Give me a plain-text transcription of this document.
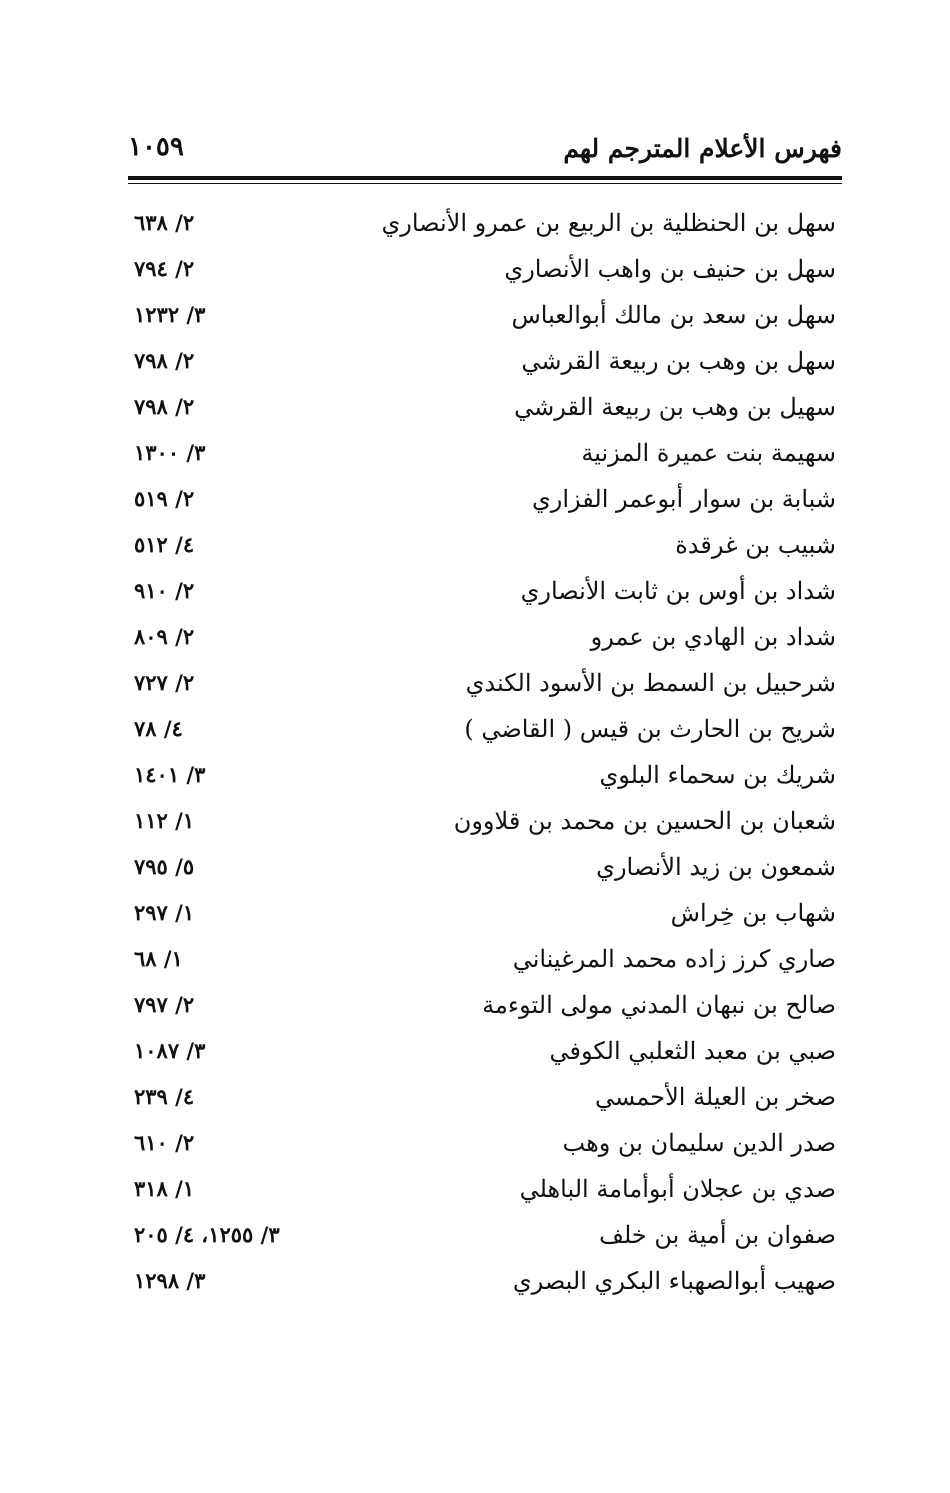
فهرس الأعلام المترجم لهم
١٠٥٩
سهل بن الحنظلية بن الربيع بن عمرو الأنصاري
٢/ ٦٣٨
سهل بن حنيف بن واهب الأنصاري
٢/ ٧٩٤
سهل بن سعد بن مالك أبوالعباس
٣/ ١٢٣٢
سهل بن وهب بن ربيعة القرشي
٢/ ٧٩٨
سهيل بن وهب بن ربيعة القرشي
٢/ ٧٩٨
سهيمة بنت عميرة المزنية
٣/ ١٣٠٠
شبابة بن سوار أبوعمر الفزاري
٢/ ٥١٩
شبيب بن غرقدة
٤/ ٥١٢
شداد بن أوس بن ثابت الأنصاري
٢/ ٩١٠
شداد بن الهادي بن عمرو
٢/ ٨٠٩
شرحبيل بن السمط بن الأسود الكندي
٢/ ٧٢٧
شريح بن الحارث بن قيس ( القاضي )
٤/ ٧٨
شريك بن سحماء البلوي
٣/ ١٤٠١
شعبان بن الحسين بن محمد بن قلاوون
١/ ١١٢
شمعون بن زيد الأنصاري
٥/ ٧٩٥
شهاب بن خِراش
١/ ٢٩٧
صاري كرز زاده محمد المرغيناني
١/ ٦٨
صالح بن نبهان المدني مولى التوءمة
٢/ ٧٩٧
صبي بن معبد الثعلبي الكوفي
٣/ ١٠٨٧
صخر بن العيلة الأحمسي
٤/ ٢٣٩
صدر الدين سليمان بن وهب
٢/ ٦١٠
صدي بن عجلان أبوأمامة الباهلي
١/ ٣١٨
صفوان بن أمية بن خلف
٣/ ١٢٥٥، ٤/ ٢٠٥
صهيب أبوالصهباء البكري البصري
٣/ ١٢٩٨
